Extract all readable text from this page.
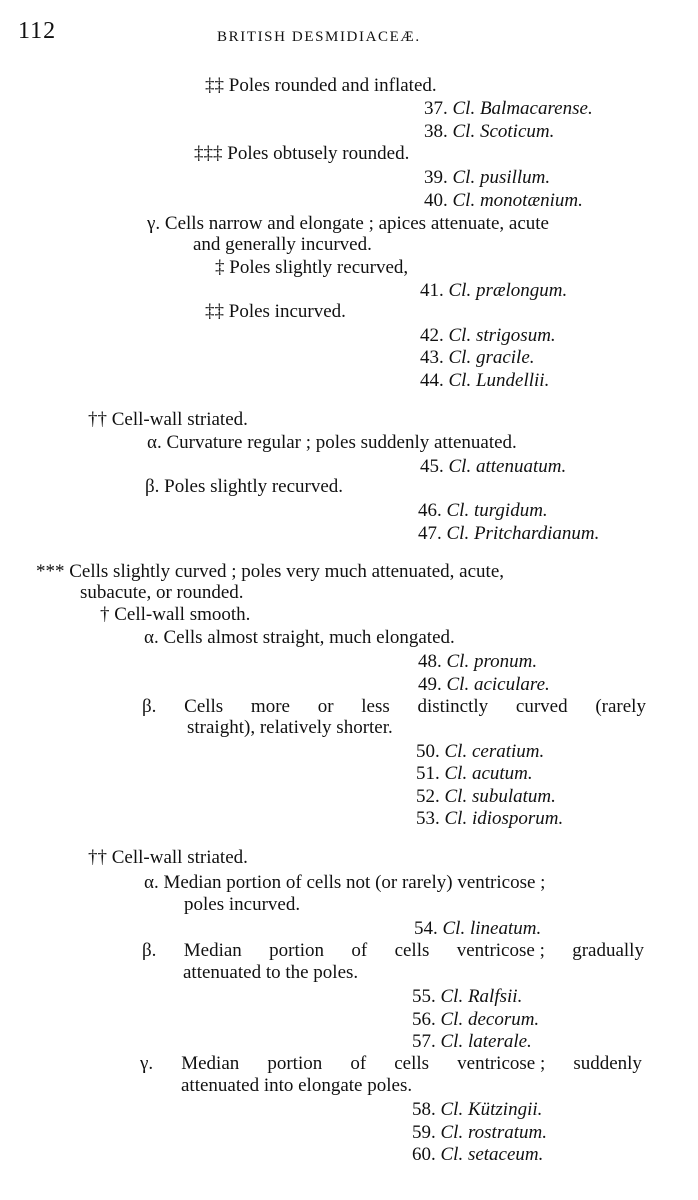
112	BRITISH DESMIDIACEÆ.
‡‡ Poles rounded and inflated.
37. Cl. Balmacarense.
38. Cl. Scoticum.
‡‡‡ Poles obtusely rounded.
39. Cl. pusillum.
40. Cl. monotænium.
γ. Cells narrow and elongate ; apices attenuate, acute
and generally incurved.
‡ Poles slightly recurved,
41. Cl. prælongum.
‡‡ Poles incurved.
42. Cl. strigosum.
43. Cl. gracile.
44. Cl. Lundellii.
†† Cell-wall striated.
α. Curvature regular ; poles suddenly attenuated.
45. Cl. attenuatum.
β. Poles slightly recurved.
46. Cl. turgidum.
47. Cl. Pritchardianum.
*** Cells slightly curved ; poles very much attenuated, acute,
subacute, or rounded.
† Cell-wall smooth.
α. Cells almost straight, much elongated.
48. Cl. pronum.
49. Cl. aciculare.
β. Cells more or less distinctly curved (rarely
straight), relatively shorter.
50. Cl. ceratium.
51. Cl. acutum.
52. Cl. subulatum.
53. Cl. idiosporum.
†† Cell-wall striated.
α. Median portion of cells not (or rarely) ventricose ;
poles incurved.
54. Cl. lineatum.
β. Median portion of cells ventricose ; gradually
attenuated to the poles.
55. Cl. Ralfsii.
56. Cl. decorum.
57. Cl. laterale.
γ. Median portion of cells ventricose ; suddenly
attenuated into elongate poles.
58. Cl. Kützingii.
59. Cl. rostratum.
60. Cl. setaceum.
